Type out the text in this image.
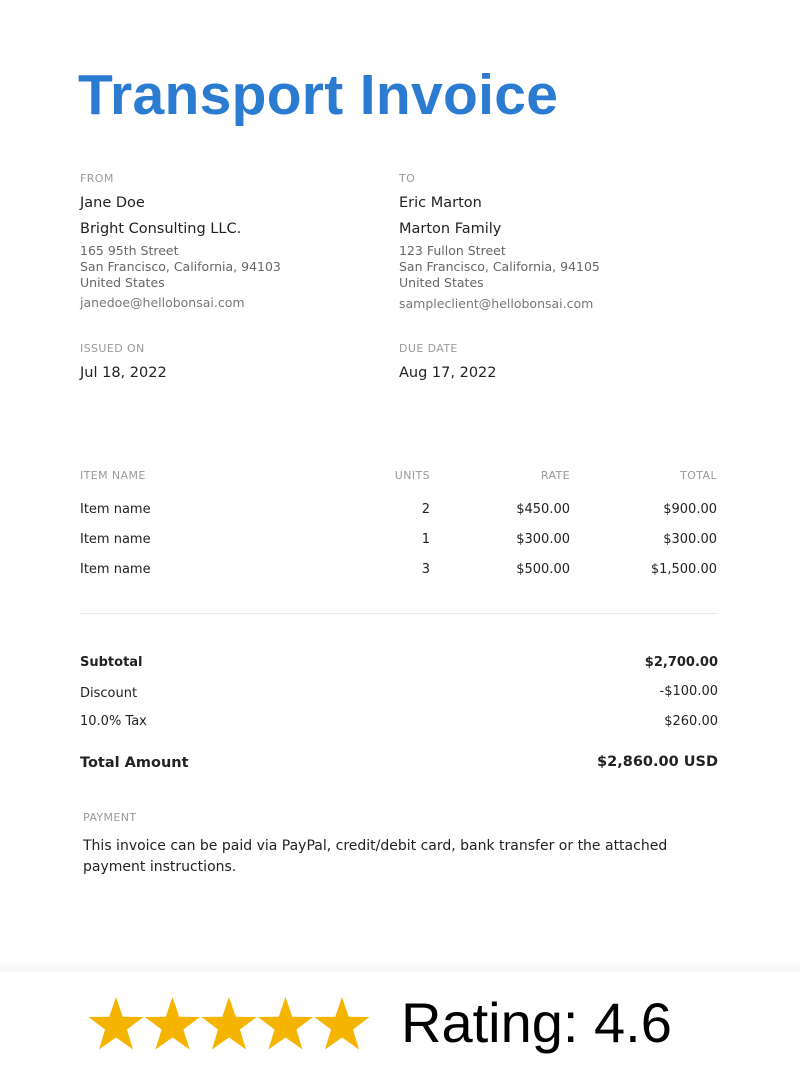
Transport Invoice
FROM
Jane Doe
Bright Consulting LLC.
165 95th Street
San Francisco, California, 94103
United States
janedoe@hellobonsai.com
TO
Eric Marton
Marton Family
123 Fullon Street
San Francisco, California, 94105
United States
sampleclient@hellobonsai.com
ISSUED ON
Jul 18, 2022
DUE DATE
Aug 17, 2022
ITEM NAME	UNITS	RATE	TOTAL
Item name	2	$450.00	$900.00
Item name	1	$300.00	$300.00
Item name	3	$500.00	$1,500.00
Subtotal	$2,700.00
Discount	-$100.00
10.0% Tax	$260.00
Total Amount	$2,860.00 USD
PAYMENT
This invoice can be paid via PayPal, credit/debit card, bank transfer or the attached payment instructions.
Rating: 4.6
